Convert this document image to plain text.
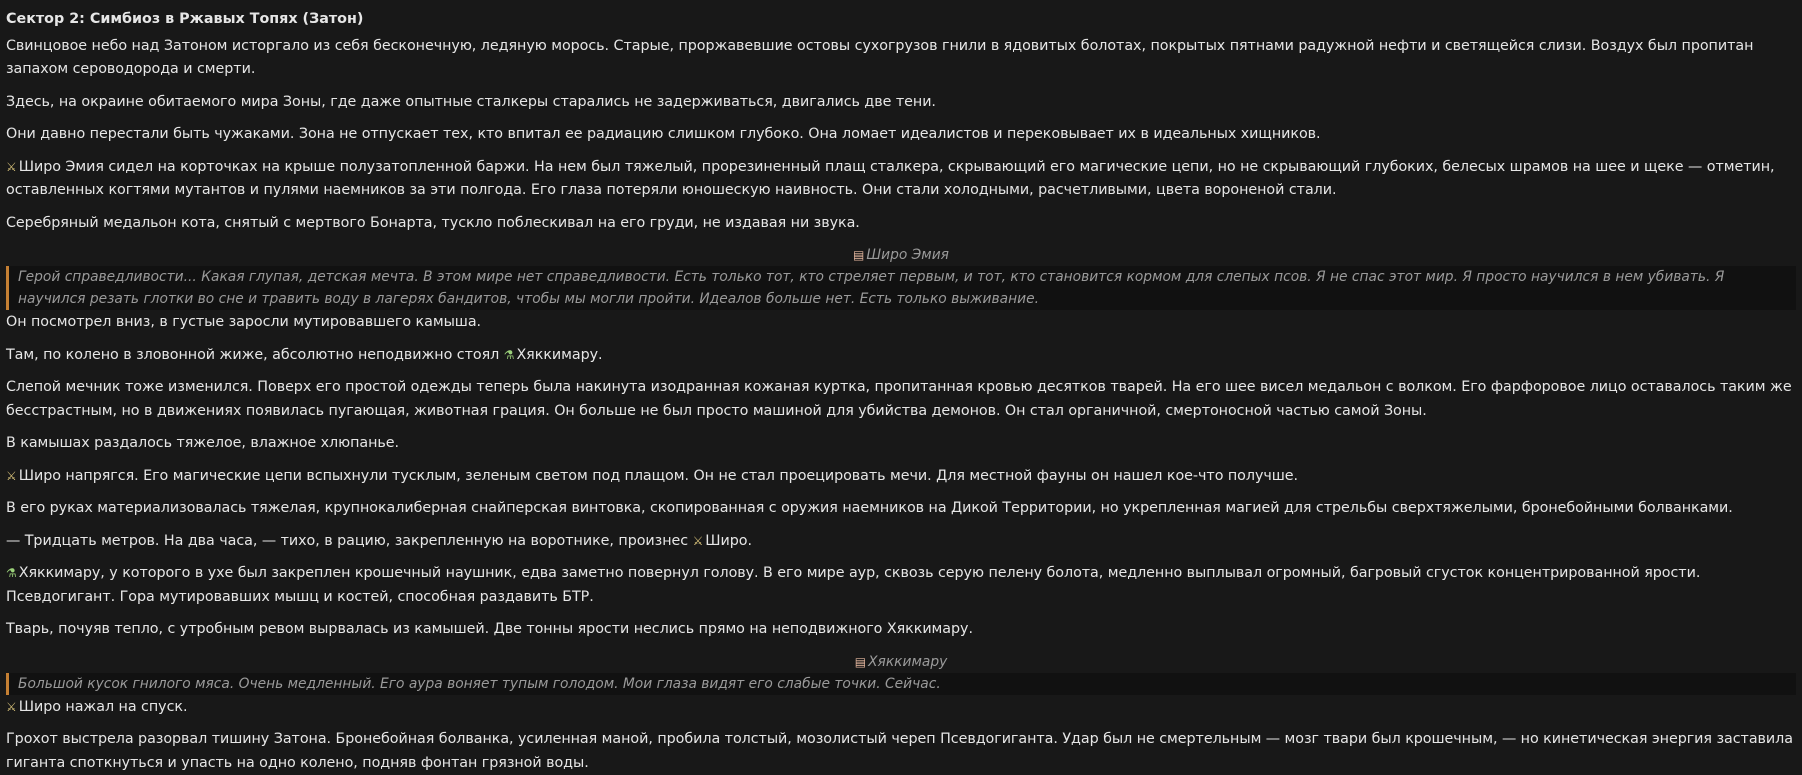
Сектор 2: Симбиоз в Ржавых Топях (Затон)

Свинцовое небо над Затоном исторгало из себя бесконечную, ледяную морось. Старые, проржавевшие остовы сухогрузов гнили в ядовитых болотах, покрытых пятнами радужной нефти и светящейся слизи. Воздух был пропитан запахом сероводорода и смерти.

Здесь, на окраине обитаемого мира Зоны, где даже опытные сталкеры старались не задерживаться, двигались две тени.

Они давно перестали быть чужаками. Зона не отпускает тех, кто впитал ее радиацию слишком глубоко. Она ломает идеалистов и перековывает их в идеальных хищников.

⚔ Широ Эмия сидел на корточках на крыше полузатопленной баржи. На нем был тяжелый, прорезиненный плащ сталкера, скрывающий его магические цепи, но не скрывающий глубоких, белесых шрамов на шее и щеке — отметин, оставленных когтями мутантов и пулями наемников за эти полгода. Его глаза потеряли юношескую наивность. Они стали холодными, расчетливыми, цвета вороненой стали.

Серебряный медальон кота, снятый с мертвого Бонарта, тускло поблескивал на его груди, не издавая ни звука.

▤ Широ Эмия
Герой справедливости... Какая глупая, детская мечта. В этом мире нет справедливости. Есть только тот, кто стреляет первым, и тот, кто становится кормом для слепых псов. Я не спас этот мир. Я просто научился в нем убивать. Я научился резать глотки во сне и травить воду в лагерях бандитов, чтобы мы могли пройти. Идеалов больше нет. Есть только выживание.

Он посмотрел вниз, в густые заросли мутировавшего камыша.

Там, по колено в зловонной жиже, абсолютно неподвижно стоял ⚗ Хяккимару.

Слепой мечник тоже изменился. Поверх его простой одежды теперь была накинута изодранная кожаная куртка, пропитанная кровью десятков тварей. На его шее висел медальон с волком. Его фарфоровое лицо оставалось таким же бесстрастным, но в движениях появилась пугающая, животная грация. Он больше не был просто машиной для убийства демонов. Он стал органичной, смертоносной частью самой Зоны.

В камышах раздалось тяжелое, влажное хлюпанье.

⚔ Широ напрягся. Его магические цепи вспыхнули тусклым, зеленым светом под плащом. Он не стал проецировать мечи. Для местной фауны он нашел кое-что получше.

В его руках материализовалась тяжелая, крупнокалиберная снайперская винтовка, скопированная с оружия наемников на Дикой Территории, но укрепленная магией для стрельбы сверхтяжелыми, бронебойными болванками.

— Тридцать метров. На два часа, — тихо, в рацию, закрепленную на воротнике, произнес ⚔ Широ.

⚗ Хяккимару, у которого в ухе был закреплен крошечный наушник, едва заметно повернул голову. В его мире аур, сквозь серую пелену болота, медленно выплывал огромный, багровый сгусток концентрированной ярости. Псевдогигант. Гора мутировавших мышц и костей, способная раздавить БТР.

Тварь, почуяв тепло, с утробным ревом вырвалась из камышей. Две тонны ярости неслись прямо на неподвижного Хяккимару.

▤ Хяккимару
Большой кусок гнилого мяса. Очень медленный. Его аура воняет тупым голодом. Мои глаза видят его слабые точки. Сейчас.

⚔ Широ нажал на спуск.

Грохот выстрела разорвал тишину Затона. Бронебойная болванка, усиленная маной, пробила толстый, мозолистый череп Псевдогиганта. Удар был не смертельным — мозг твари был крошечным, — но кинетическая энергия заставила гиганта споткнуться и упасть на одно колено, подняв фонтан грязной воды.
